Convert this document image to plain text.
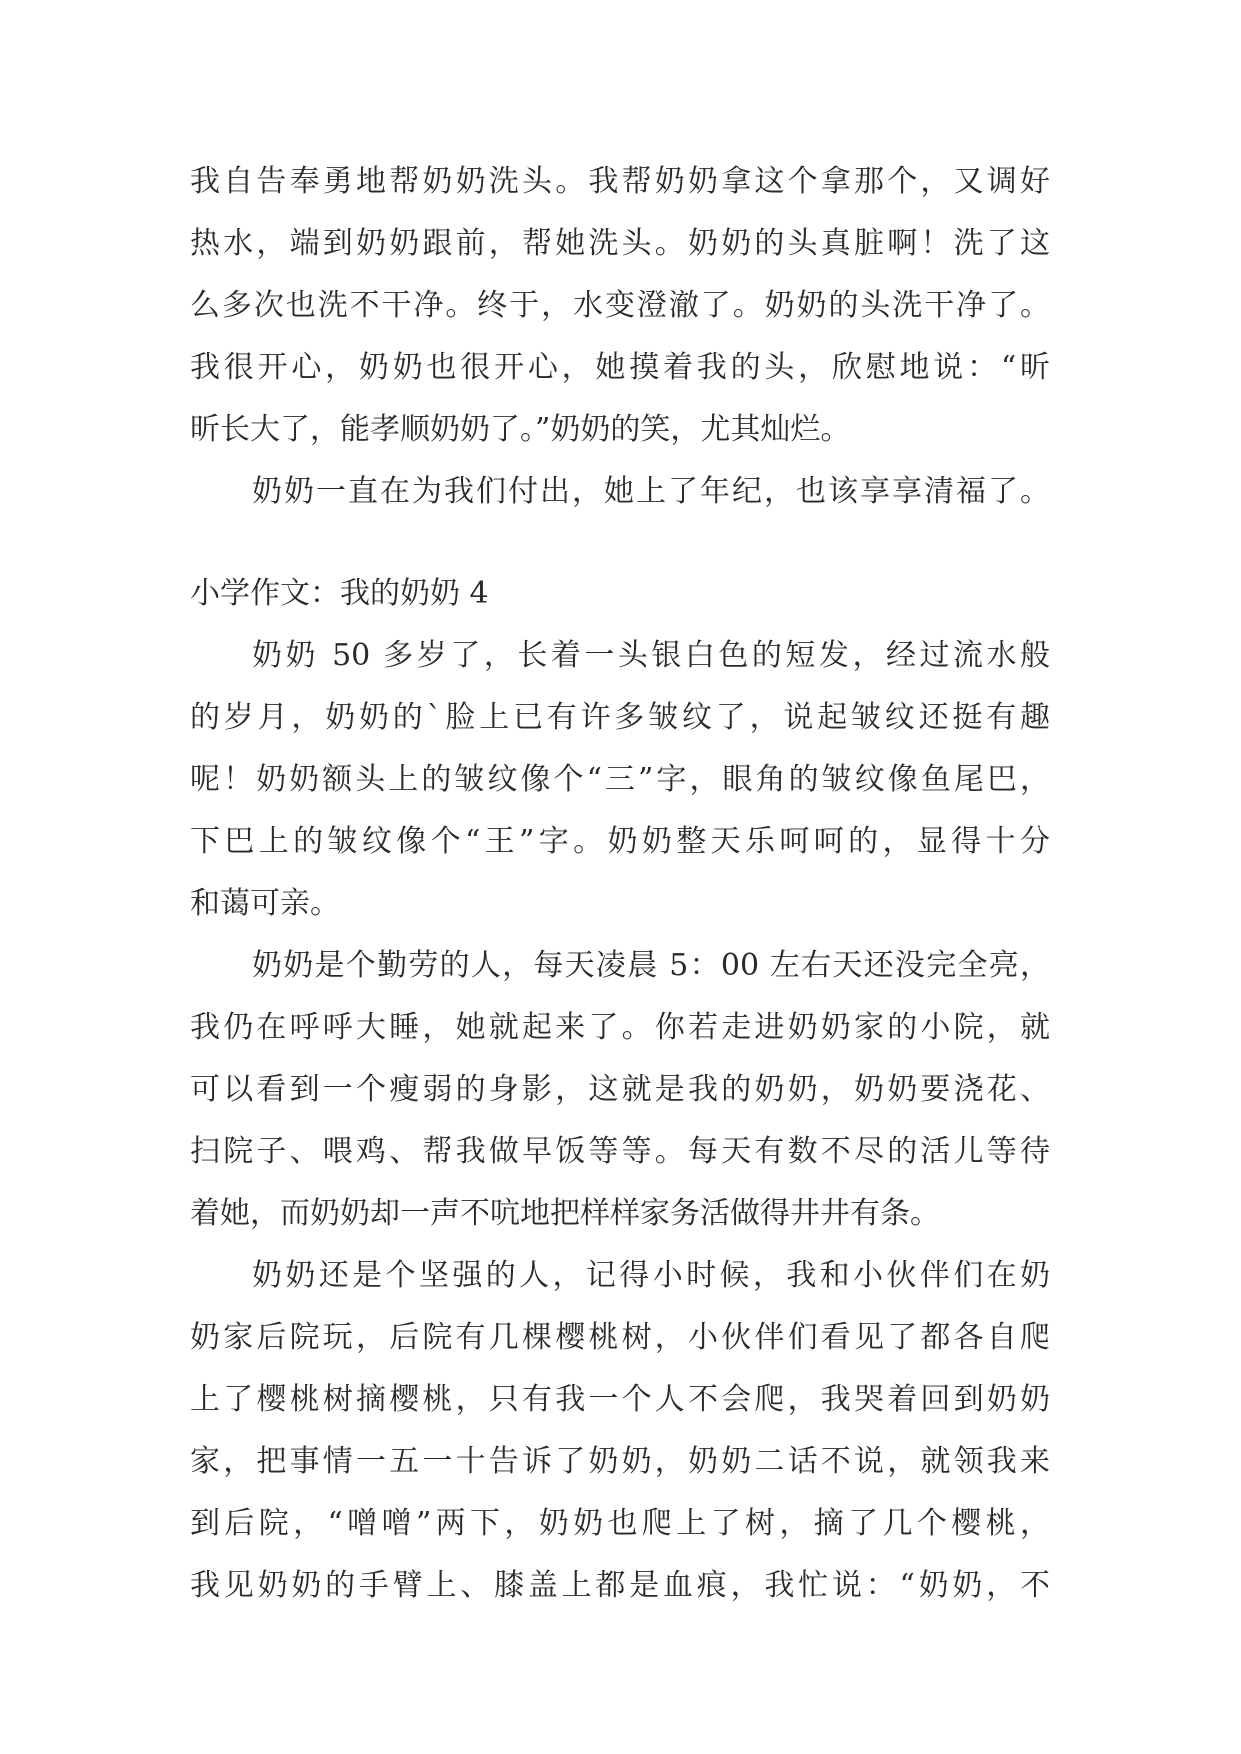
我自告奉勇地帮奶奶洗头。我帮奶奶拿这个拿那个，又调好
热水，端到奶奶跟前，帮她洗头。奶奶的头真脏啊！洗了这
么多次也洗不干净。终于，水变澄澈了。奶奶的头洗干净了。
我很开心，奶奶也很开心，她摸着我的头，欣慰地说：“昕
昕长大了，能孝顺奶奶了。”奶奶的笑，尤其灿烂。
奶奶一直在为我们付出，她上了年纪，也该享享清福了。
小学作文：我的奶奶 4
奶奶 50 多岁了，长着一头银白色的短发，经过流水般
的岁月，奶奶的`脸上已有许多皱纹了，说起皱纹还挺有趣
呢！奶奶额头上的皱纹像个“三”字，眼角的皱纹像鱼尾巴，
下巴上的皱纹像个“王”字。奶奶整天乐呵呵的，显得十分
和蔼可亲。
奶奶是个勤劳的人，每天凌晨 5：00 左右天还没完全亮，
我仍在呼呼大睡，她就起来了。你若走进奶奶家的小院，就
可以看到一个瘦弱的身影，这就是我的奶奶，奶奶要浇花、
扫院子、喂鸡、帮我做早饭等等。每天有数不尽的活儿等待
着她，而奶奶却一声不吭地把样样家务活做得井井有条。
奶奶还是个坚强的人，记得小时候，我和小伙伴们在奶
奶家后院玩，后院有几棵樱桃树，小伙伴们看见了都各自爬
上了樱桃树摘樱桃，只有我一个人不会爬，我哭着回到奶奶
家，把事情一五一十告诉了奶奶，奶奶二话不说，就领我来
到后院，“噌噌”两下，奶奶也爬上了树，摘了几个樱桃，
我见奶奶的手臂上、膝盖上都是血痕，我忙说：“奶奶，不
